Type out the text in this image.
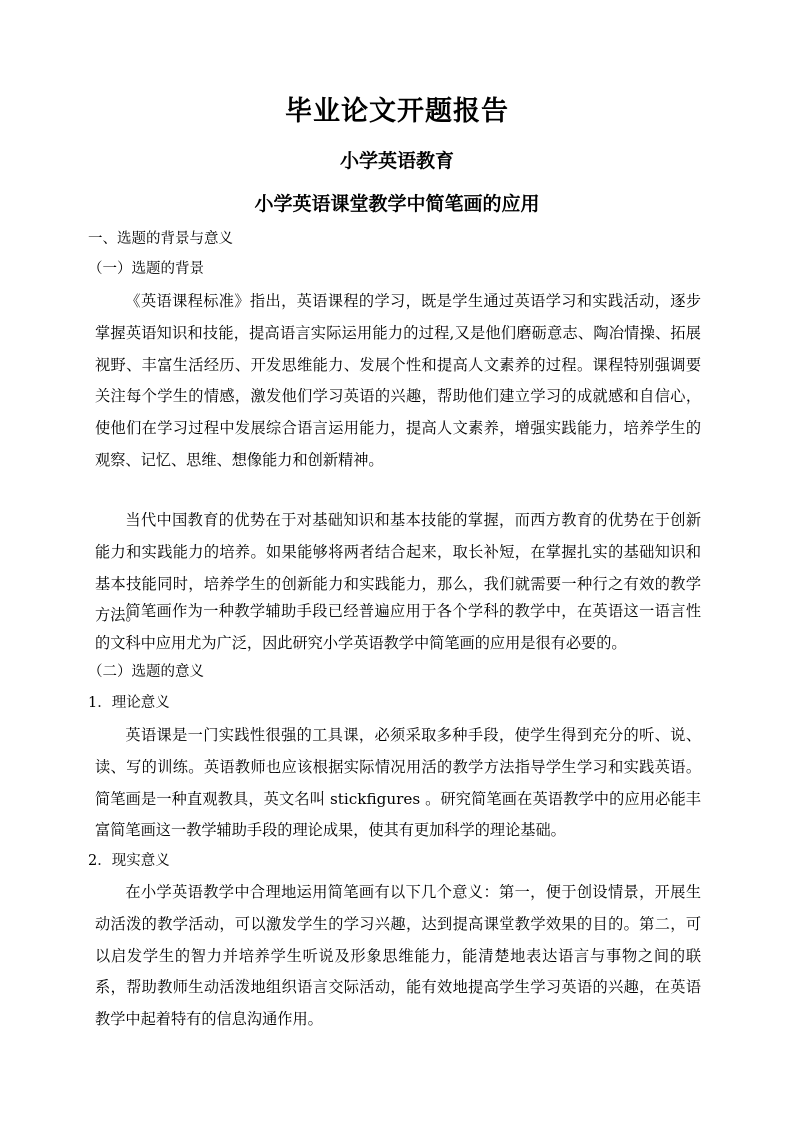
毕业论文开题报告
小学英语教育
小学英语课堂教学中简笔画的应用
一、选题的背景与意义
（一）选题的背景

《英语课程标准》指出，英语课程的学习，既是学生通过英语学习和实践活动，逐步掌握英语知识和技能，提高语言实际运用能力的过程,又是他们磨砺意志、陶冶情操、拓展视野、丰富生活经历、开发思维能力、发展个性和提高人文素养的过程。课程特别强调要关注每个学生的情感，激发他们学习英语的兴趣，帮助他们建立学习的成就感和自信心，使他们在学习过程中发展综合语言运用能力，提高人文素养，增强实践能力，培养学生的观察、记忆、思维、想像能力和创新精神。

当代中国教育的优势在于对基础知识和基本技能的掌握，而西方教育的优势在于创新能力和实践能力的培养。如果能够将两者结合起来，取长补短，在掌握扎实的基础知识和基本技能同时，培养学生的创新能力和实践能力，那么，我们就需要一种行之有效的教学方法。

简笔画作为一种教学辅助手段已经普遍应用于各个学科的教学中，在英语这一语言性的文科中应用尤为广泛，因此研究小学英语教学中简笔画的应用是很有必要的。

（二）选题的意义
1．理论意义

英语课是一门实践性很强的工具课，必须采取多种手段，使学生得到充分的听、说、读、写的训练。英语教师也应该根据实际情况用活的教学方法指导学生学习和实践英语。简笔画是一种直观教具，英文名叫 stickfigures 。研究简笔画在英语教学中的应用必能丰富简笔画这一教学辅助手段的理论成果，使其有更加科学的理论基础。

2．现实意义

在小学英语教学中合理地运用简笔画有以下几个意义：第一，便于创设情景，开展生动活泼的教学活动，可以激发学生的学习兴趣，达到提高课堂教学效果的目的。第二，可以启发学生的智力并培养学生听说及形象思维能力，能清楚地表达语言与事物之间的联系，帮助教师生动活泼地组织语言交际活动，能有效地提高学生学习英语的兴趣，在英语教学中起着特有的信息沟通作用。
